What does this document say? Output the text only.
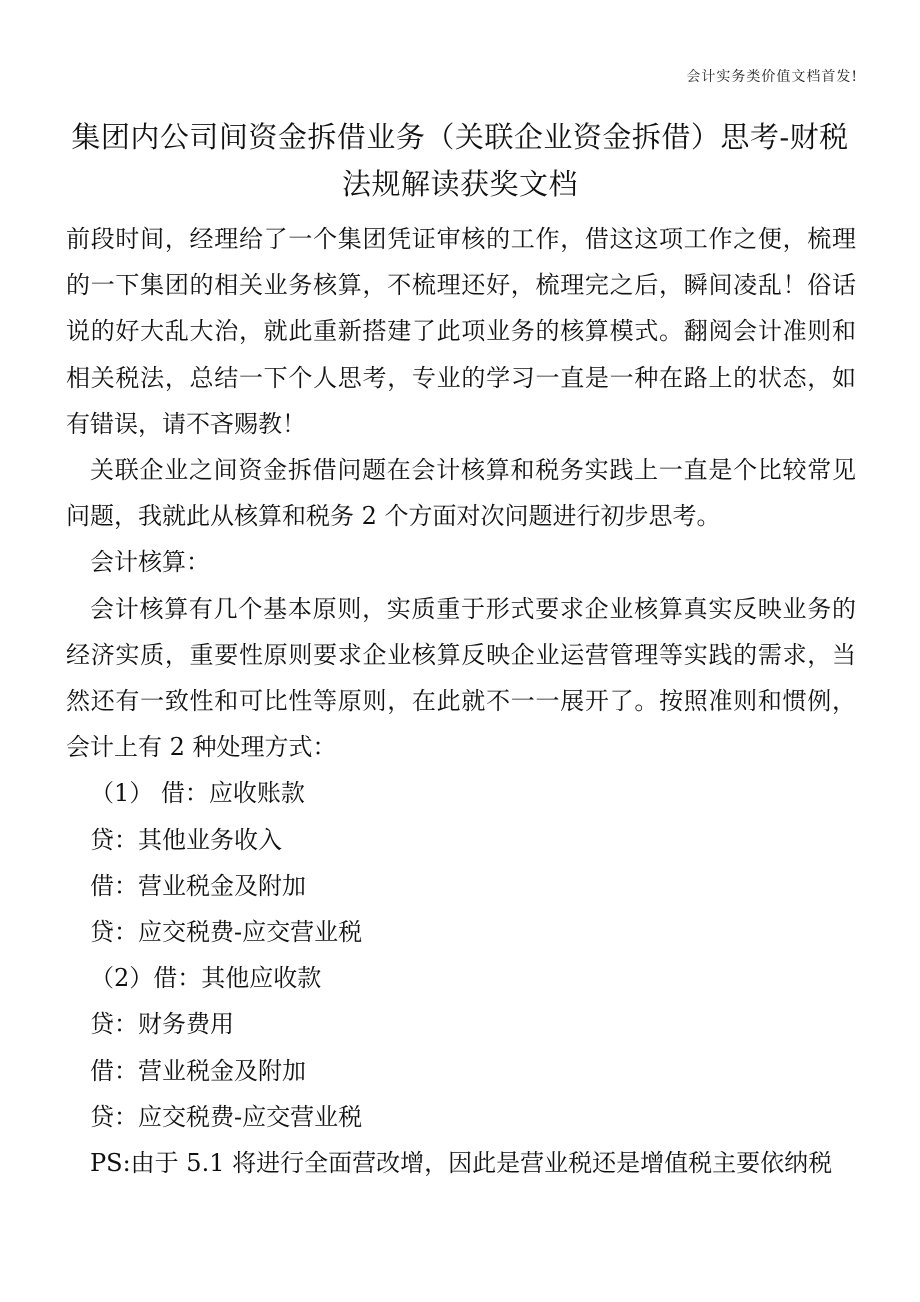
会计实务类价值文档首发!
集团内公司间资金拆借业务（关联企业资金拆借）思考-财税法规解读获奖文档

前段时间，经理给了一个集团凭证审核的工作，借这这项工作之便，梳理的一下集团的相关业务核算，不梳理还好，梳理完之后，瞬间凌乱！俗话说的好大乱大治，就此重新搭建了此项业务的核算模式。翻阅会计准则和相关税法，总结一下个人思考，专业的学习一直是一种在路上的状态，如有错误，请不吝赐教！

关联企业之间资金拆借问题在会计核算和税务实践上一直是个比较常见问题，我就此从核算和税务 2 个方面对次问题进行初步思考。

会计核算：

会计核算有几个基本原则，实质重于形式要求企业核算真实反映业务的经济实质，重要性原则要求企业核算反映企业运营管理等实践的需求，当然还有一致性和可比性等原则，在此就不一一展开了。按照准则和惯例，会计上有 2 种处理方式：

（1） 借：应收账款

贷：其他业务收入

借：营业税金及附加

贷：应交税费-应交营业税

（2）借：其他应收款

贷：财务费用

借：营业税金及附加

贷：应交税费-应交营业税

PS:由于 5.1 将进行全面营改增，因此是营业税还是增值税主要依纳税
